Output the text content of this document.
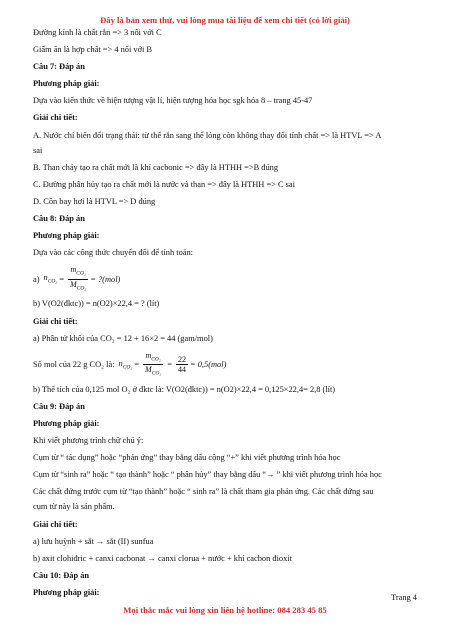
Đây là bản xem thử, vui lòng mua tài liệu để xem chi tiết (có lời giải)
Đường kính là chất rắn => 3 nối với C
Giấm ăn là hợp chất => 4 nối với B
Câu 7: Đáp án
Phương pháp giải:
Dựa vào kiến thức về hiện tượng vật lí, hiện tượng hóa học sgk hóa 8 – trang 45-47
Giải chi tiết:
A. Nước chỉ biến đổi trạng thái: từ thể rắn sang thể lỏng còn không thay đổi tính chất => là HTVL => A
sai
B. Than cháy tạo ra chất mới là khí cacbonic => đây là HTHH =>B đúng
C. Đường phân hủy tạo ra chất mới là nước và than => đây là HTHH => C sai
D. Cồn bay hơi là HTVL => D đúng
Câu 8: Đáp án
Phương pháp giải:
Dựa vào các công thức chuyển đổi để tính toán:
a) $n_{CO_2} = \frac{m_{CO_2}}{M_{CO_2}}$ = ?(mol)
b) V(O2(đktc)) = n(O2)×22,4 = ? (lít)
Giải chi tiết:
a) Phân tử khối của CO₂ = 12 + 16×2 = 44 (gam/mol)
Số mol của 22 g CO₂ là: $n_{CO_2} = \frac{m_{CO_2}}{M_{CO_2}} = \frac{22}{44} = 0,5(mol)$
b) Thể tích của 0,125 mol O₂ ở đktc là: V(O2(đktc)) = n(O2)×22,4 = 0,125×22,4= 2,8 (lít)
Câu 9: Đáp án
Phương pháp giải:
Khi viết phương trình chữ chú ý:
Cụm từ “ tác dụng” hoặc “phản ứng” thay bằng dấu cộng “+” khi viết phương trình hóa học
Cụm từ “sinh ra” hoặc “ tạo thành” hoặc “ phân hủy” thay bằng dấu “→ ” khi viết phương trình hóa học
Các chất đứng trước cụm từ “tạo thành” hoặc “ sinh ra” là chất tham gia phản ứng. Các chất đứng sau
cụm từ này là sản phẩm.
Giải chi tiết:
a) lưu huỳnh + sắt → sắt (II) sunfua
b) axit clohiđric + canxi cacbonat → canxi clorua + nước + khí cacbon đioxit
Câu 10: Đáp án
Phương pháp giải:
Trang 4
Mọi thắc mắc vui lòng xin liên hệ hotline: 084 283 45 85
